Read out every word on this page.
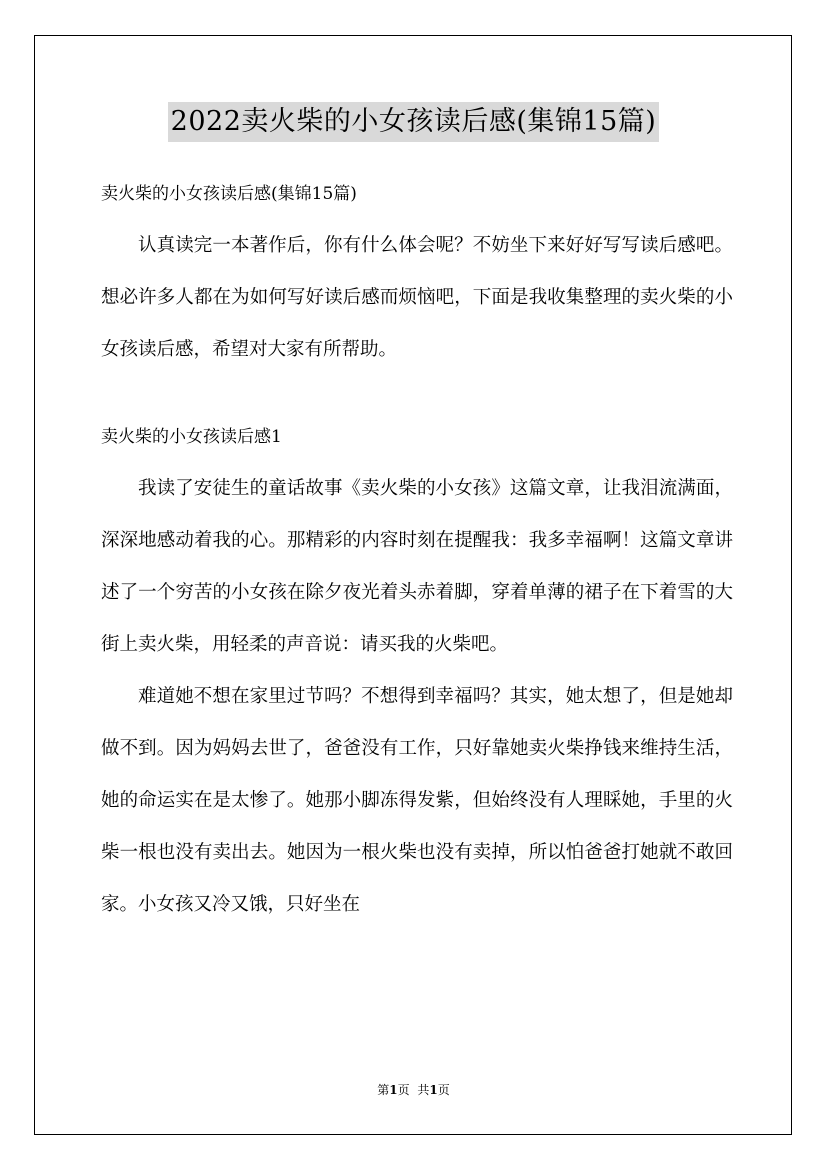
2022卖火柴的小女孩读后感(集锦15篇)

卖火柴的小女孩读后感(集锦15篇)

认真读完一本著作后，你有什么体会呢？不妨坐下来好好写写读后感吧。想必许多人都在为如何写好读后感而烦恼吧，下面是我收集整理的卖火柴的小女孩读后感，希望对大家有所帮助。

卖火柴的小女孩读后感1

我读了安徒生的童话故事《卖火柴的小女孩》这篇文章，让我泪流满面，深深地感动着我的心。那精彩的内容时刻在提醒我：我多幸福啊！这篇文章讲述了一个穷苦的小女孩在除夕夜光着头赤着脚，穿着单薄的裙子在下着雪的大街上卖火柴，用轻柔的声音说：请买我的火柴吧。

难道她不想在家里过节吗？不想得到幸福吗？其实，她太想了，但是她却做不到。因为妈妈去世了，爸爸没有工作，只好靠她卖火柴挣钱来维持生活，她的命运实在是太惨了。她那小脚冻得发紫，但始终没有人理睬她，手里的火柴一根也没有卖出去。她因为一根火柴也没有卖掉，所以怕爸爸打她就不敢回家。小女孩又冷又饿，只好坐在

第1页 共1页
